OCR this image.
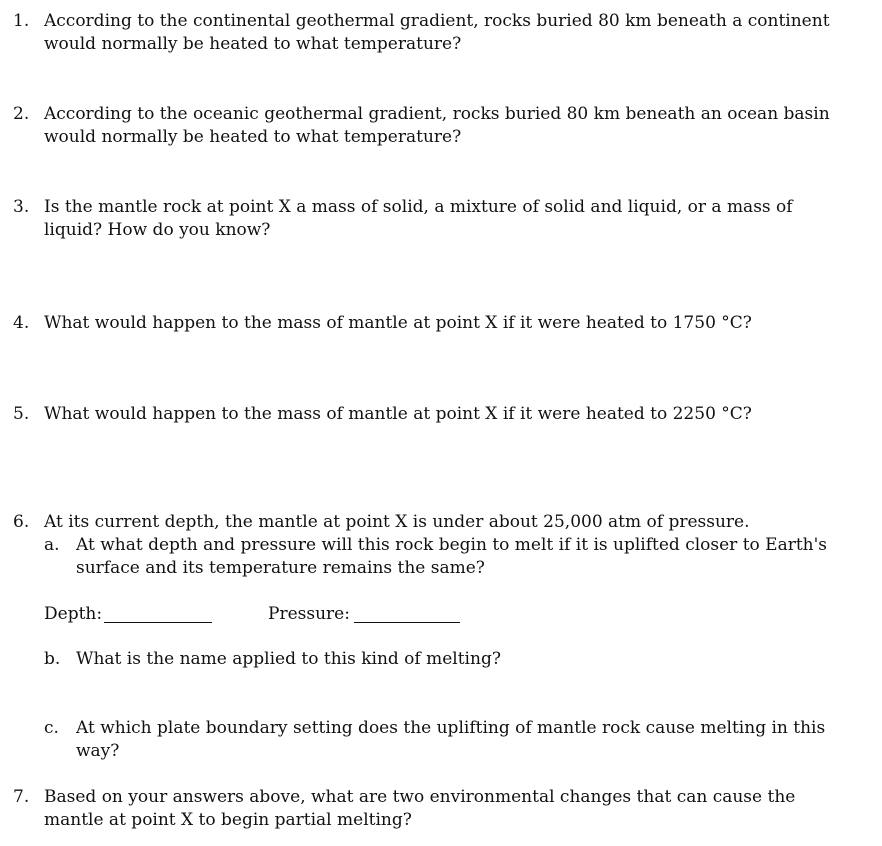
1. According to the continental geothermal gradient, rocks buried 80 km beneath a continent would normally be heated to what temperature?
2. According to the oceanic geothermal gradient, rocks buried 80 km beneath an ocean basin would normally be heated to what temperature?
3. Is the mantle rock at point X a mass of solid, a mixture of solid and liquid, or a mass of liquid? How do you know?
4. What would happen to the mass of mantle at point X if it were heated to 1750 °C?
5. What would happen to the mass of mantle at point X if it were heated to 2250 °C?
6. At its current depth, the mantle at point X is under about 25,000 atm of pressure.
a. At what depth and pressure will this rock begin to melt if it is uplifted closer to Earth's surface and its temperature remains the same?
Depth:	Pressure:
b. What is the name applied to this kind of melting?
c.	At which plate boundary setting does the uplifting of mantle rock cause melting in this way?
7. Based on your answers above, what are two environmental changes that can cause the mantle at point X to begin partial melting?
